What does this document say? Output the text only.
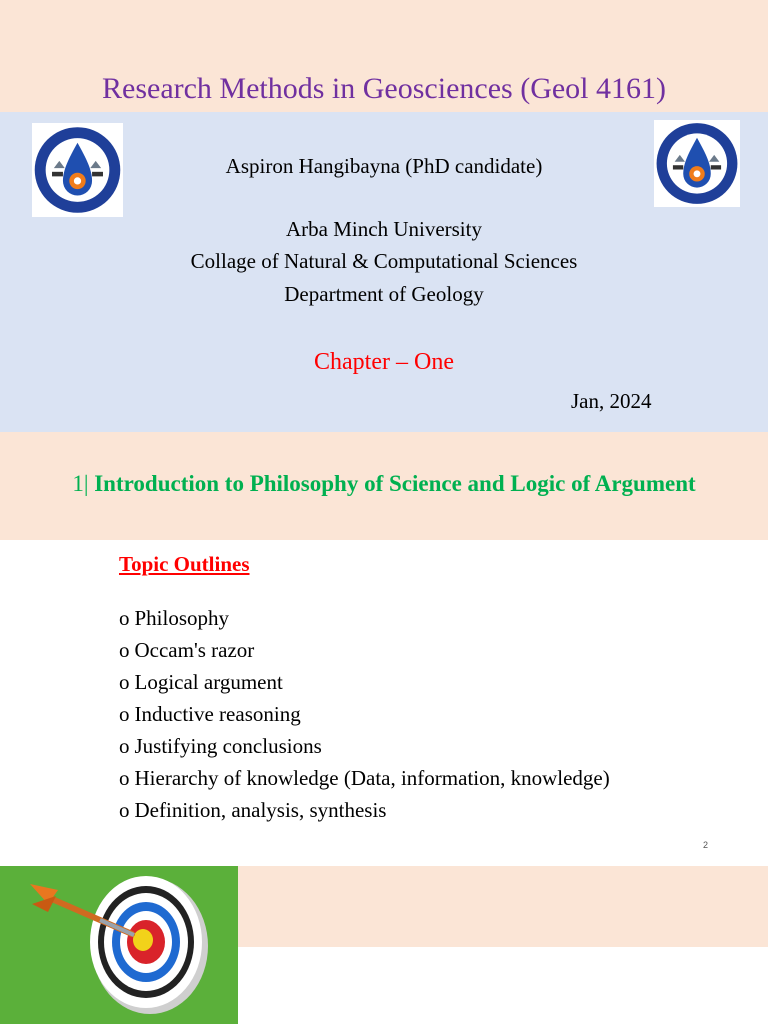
Research Methods in Geosciences (Geol 4161)
Aspiron Hangibayna (PhD candidate)
Arba Minch University
Collage of Natural & Computational Sciences
Department of Geology
Chapter – One
Jan, 2024
1| Introduction to Philosophy of Science and Logic of Argument
Topic Outlines
o Philosophy
o Occam's razor
o Logical argument
o Inductive reasoning
o Justifying conclusions
o Hierarchy of knowledge (Data, information, knowledge)
o Definition, analysis, synthesis
2
